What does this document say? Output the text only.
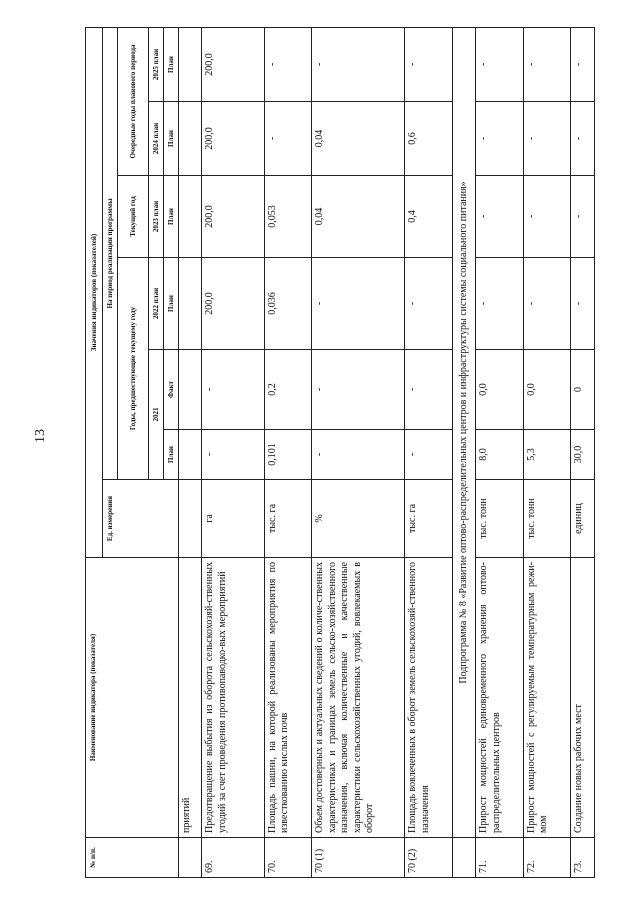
13
№ п/п.	Наименование индикатора (показателя)	Значения индикаторов (показателей)						
		Ед. измерения	На период реализации программы					
			Годы, предшествующие текущему году			Текущий год	Очередные годы планового периода	
			2021		2022 план	2023 план	2024 план	2025 план
			План	Факт	План	План	План	План
	приятий							
69.	Предотвращение выбытия из оборота сельскохозяй-ственных угодий за счет проведения противопаводко-вых мероприятий	га	-	-	200,0	200,0	200,0	200,0
70.	Площадь пашни, на которой реализованы мероприятия по известкованию кислых почв	тыс. га	0,101	0,2	0,036	0,053	-	-
70 (1)	Объем достоверных и актуальных сведений о количе-ственных характеристиках и границах земель сельско-хозяйственного назначения, включая количественные и качественные характеристики сельскохозяйственных угодий, вовлекаемых в оборот	%	-	-	-	0,04	0,04	-
70 (2)	Площадь вовлеченных в оборот земель сельскохозяй-ственного назначения	тыс. га	-	-	-	0,4	0,6	-
	Подпрограмма № 8 «Развитие оптово-распределительных центров и инфраструктуры системы социального питания»							
71.	Прирост мощностей единовременного хранения оптово-распределительных центров	тыс. тонн	8,0	0,0	-	-	-	-
72.	Прирост мощностей с регулируемым температурным режи-мом	тыс. тонн	5,3	0,0	-	-	-	-
73.	Создание новых рабочих мест	единиц	30,0	0	-	-	-	-
